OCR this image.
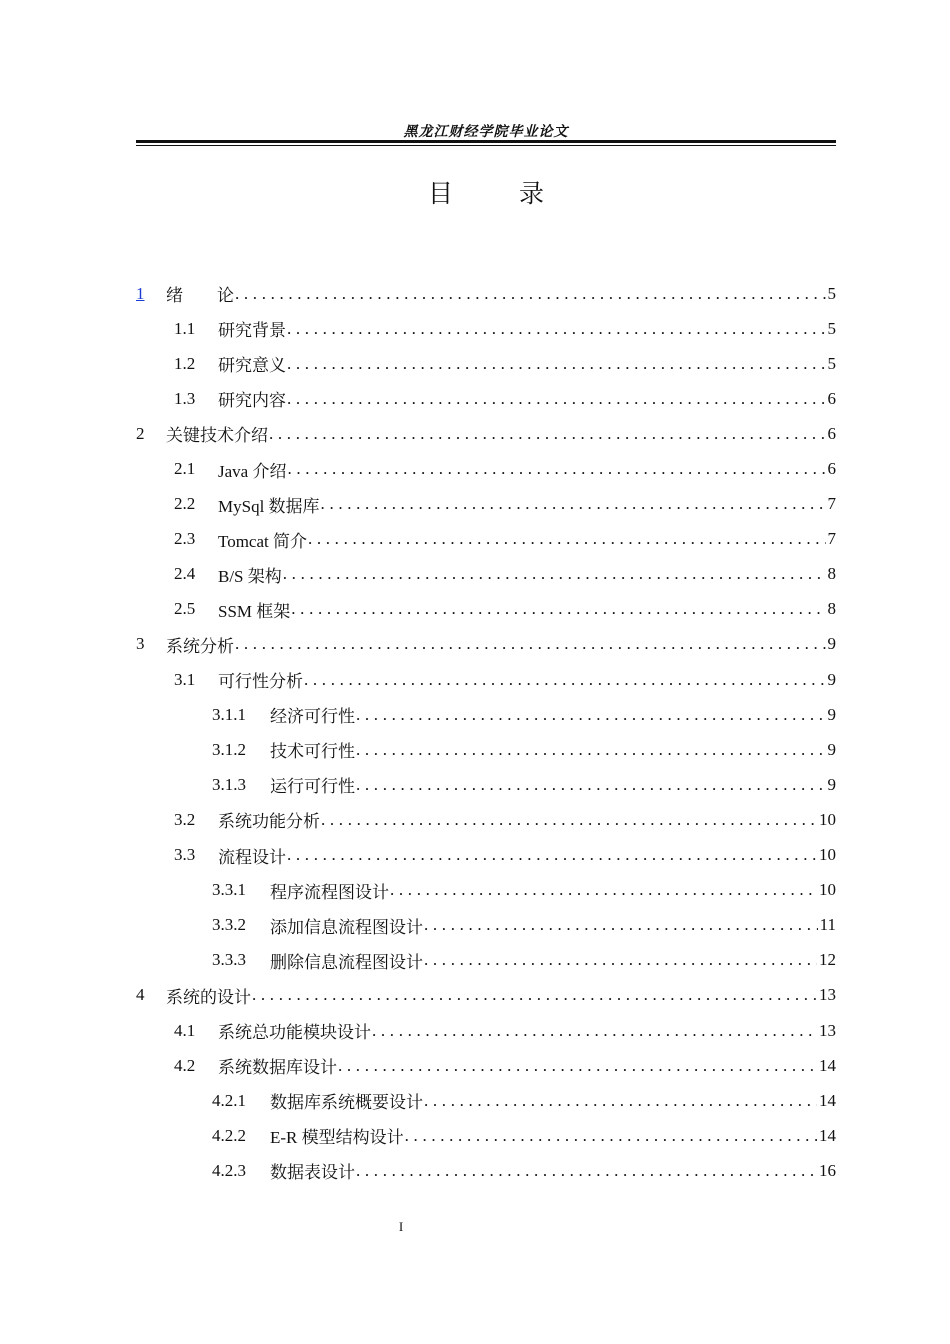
黑龙江财经学院毕业论文
目	录
1	绪　　论 . . .	5
1.1	研究背景 . . .	5
1.2	研究意义 . . .	5
1.3	研究内容 . . .	6
2	关键技术介绍 . . .	6
2.1	Java 介绍 . . .	6
2.2	MySql 数据库 . . .	7
2.3	Tomcat 简介 . . .	7
2.4	B/S 架构 . . .	8
2.5	SSM 框架 . . .	8
3	系统分析 . . .	9
3.1	可行性分析 . . .	9
3.1.1	经济可行性 . . .	9
3.1.2	技术可行性 . . .	9
3.1.3	运行可行性 . . .	9
3.2	系统功能分析 . . .	10
3.3	流程设计 . . .	10
3.3.1	程序流程图设计 . . .	10
3.3.2	添加信息流程图设计 . . .	11
3.3.3	删除信息流程图设计 . . .	12
4	系统的设计 . . .	13
4.1	系统总功能模块设计 . . .	13
4.2	系统数据库设计 . . .	14
4.2.1	数据库系统概要设计 . . .	14
4.2.2	E-R 模型结构设计 . . .	14
4.2.3	数据表设计 . . .	16
I
